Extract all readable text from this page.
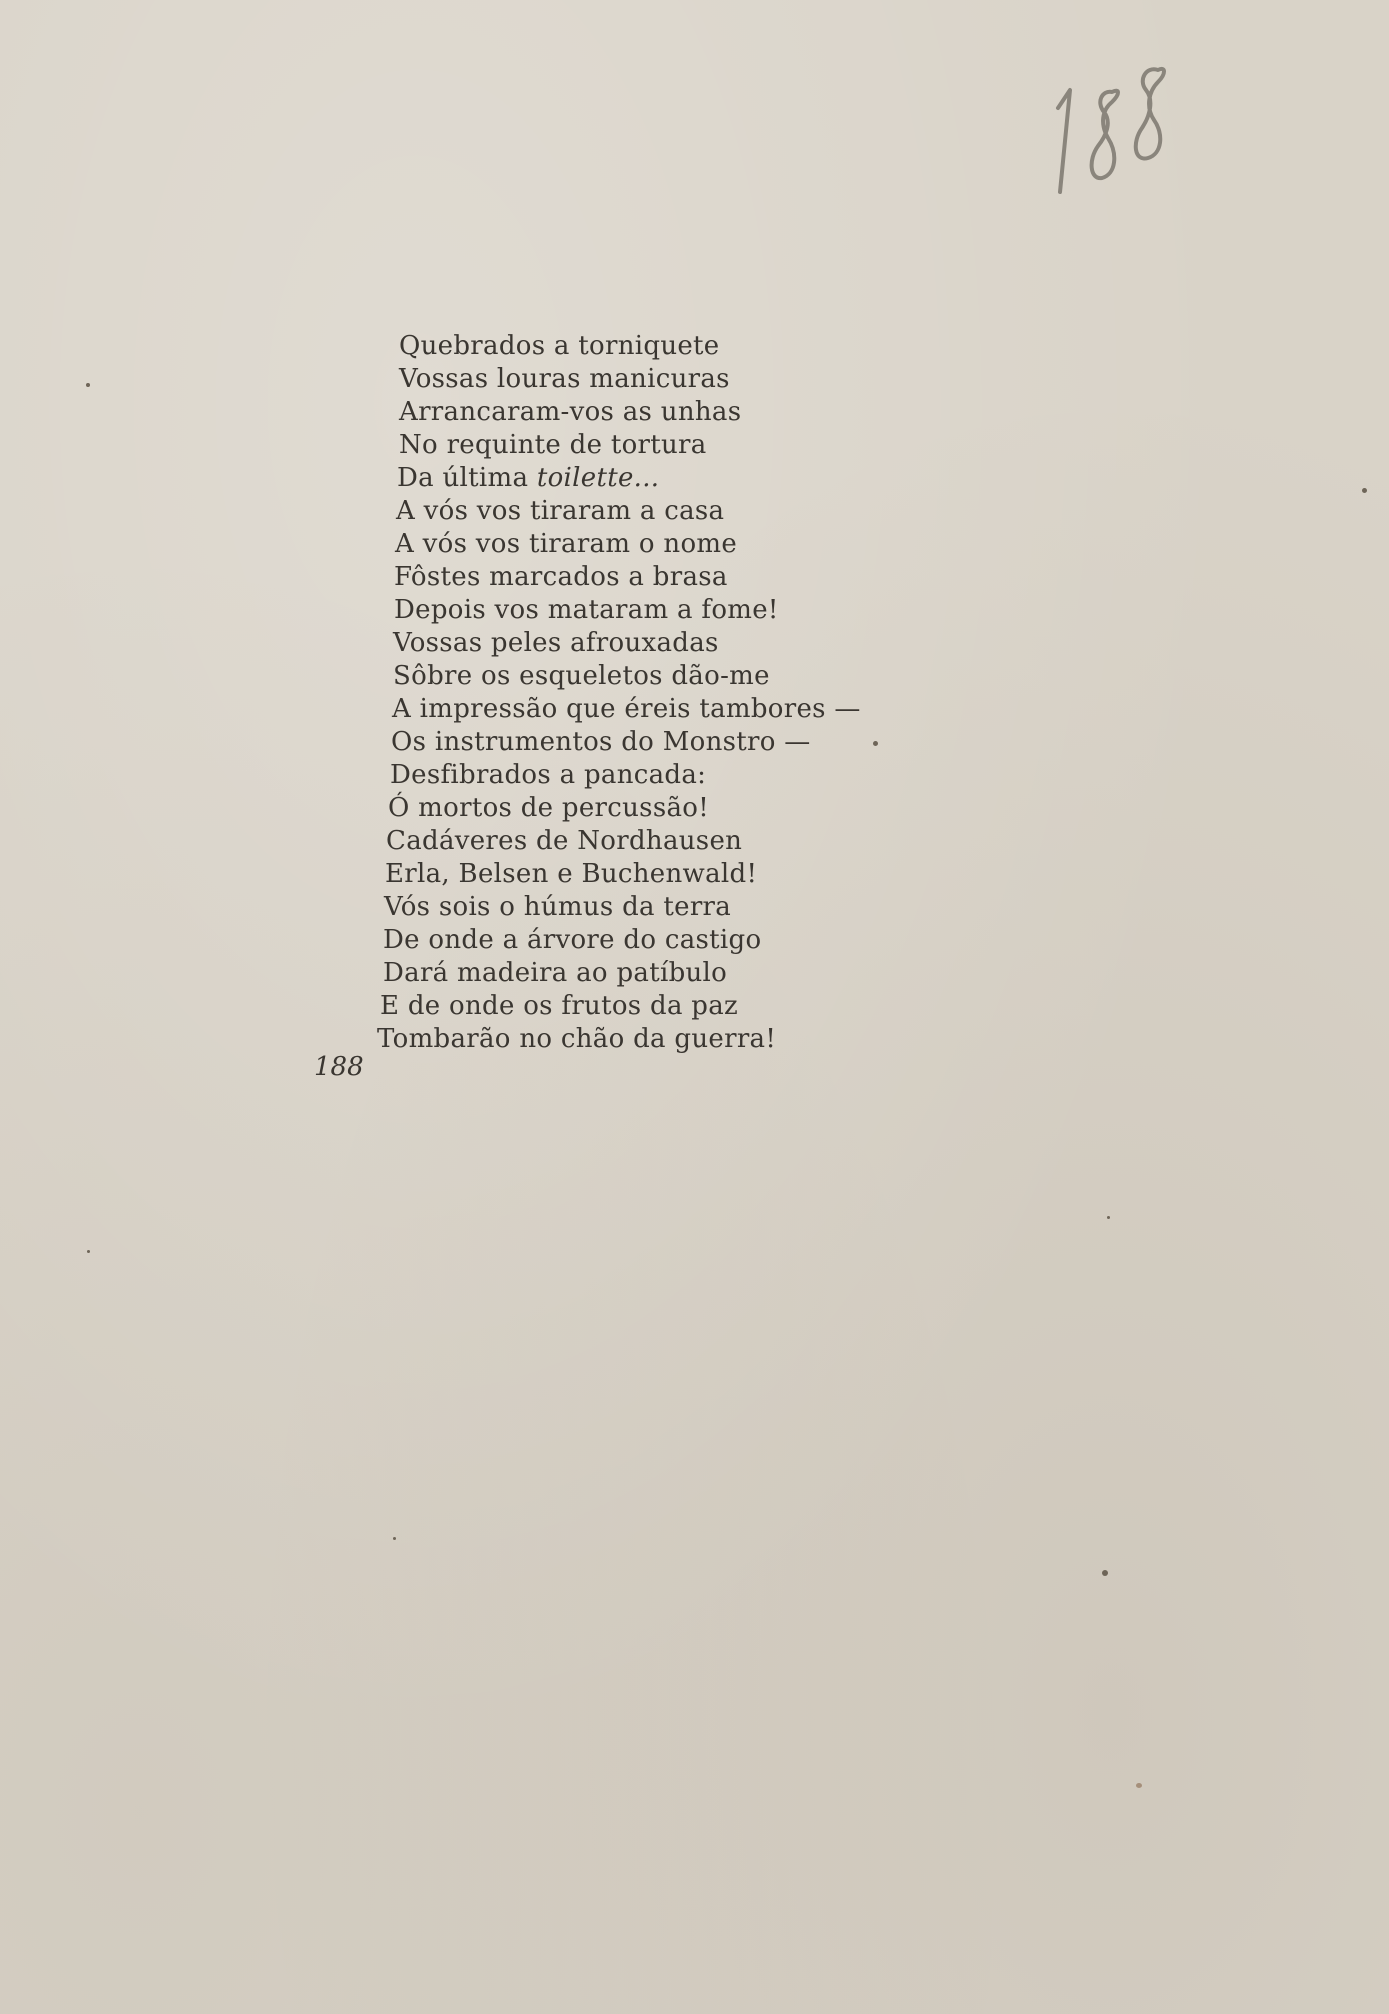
Quebrados a torniquete
Vossas louras manicuras
Arrancaram-vos as unhas
No requinte de tortura
Da última toilette...
A vós vos tiraram a casa
A vós vos tiraram o nome
Fôstes marcados a brasa
Depois vos mataram a fome!
Vossas peles afrouxadas
Sôbre os esqueletos dão-me
A impressão que éreis tambores —
Os instrumentos do Monstro —
Desfibrados a pancada:
Ó mortos de percussão!
Cadáveres de Nordhausen
Erla, Belsen e Buchenwald!
Vós sois o húmus da terra
De onde a árvore do castigo
Dará madeira ao patíbulo
E de onde os frutos da paz
Tombarão no chão da guerra!
188
